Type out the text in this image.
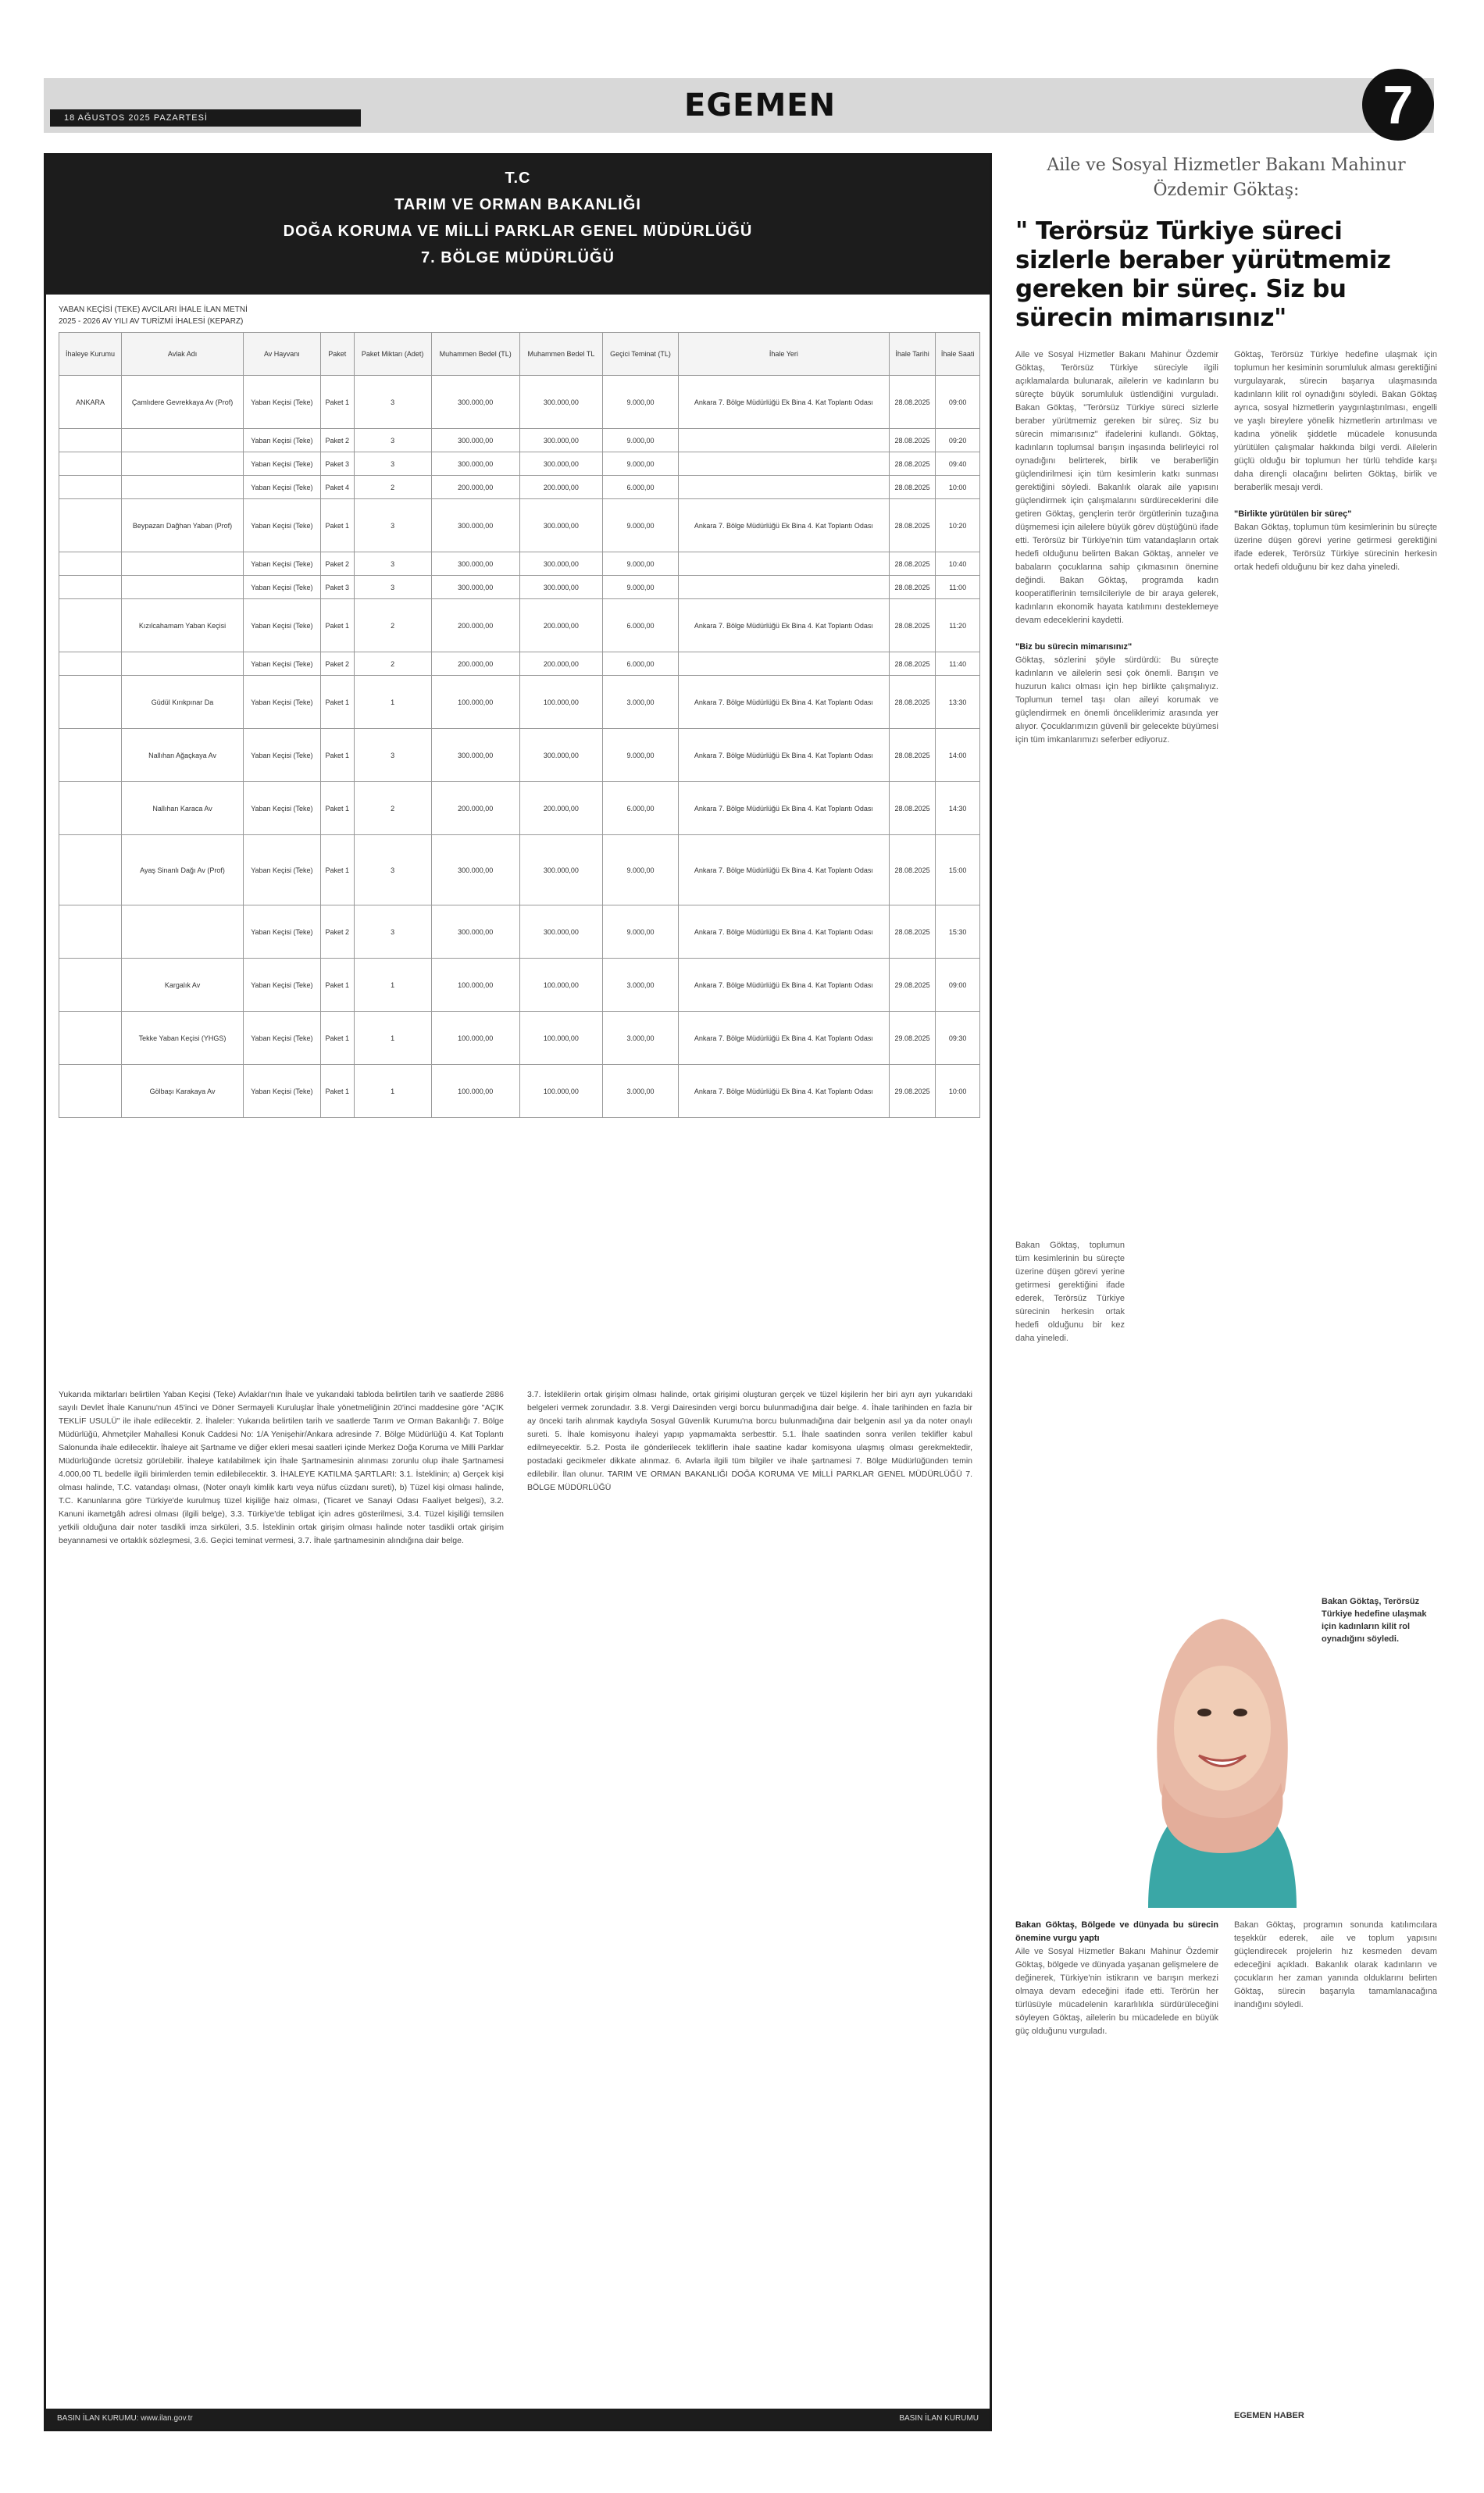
18 AĞUSTOS 2025 PAZARTESİ	EGEMEN	7
T.C
TARIM VE ORMAN BAKANLIĞI
DOĞA KORUMA VE MİLLİ PARKLAR GENEL MÜDÜRLÜĞÜ
7. BÖLGE MÜDÜRLÜĞÜ
YABAN KEÇİSİ (TEKE) AVCILARI İHALE İLAN METNİ
2025 - 2026 AV YILI AV TURİZMİ İHALESİ (KEPARZ)
İhaleye Kurumu	Avlak Adı	Av Hayvanı	Paket	Paket Miktarı (Adet)	Muhammen Bedel (TL)	Muhammen Bedel TL	Geçici Teminat (TL)	İhale Yeri	İhale Tarihi	İhale Saati
ANKARA	Çamlıdere Gevrekkaya Av (Prof)	Yaban Keçisi (Teke)	Paket 1	3	300.000,00	300.000,00	9.000,00	Ankara 7. Bölge Müdürlüğü Ek Bina 4. Kat Toplantı Odası	28.08.2025	09:00
		Yaban Keçisi (Teke)	Paket 2	3	300.000,00	300.000,00	9.000,00		28.08.2025	09:20
		Yaban Keçisi (Teke)	Paket 3	3	300.000,00	300.000,00	9.000,00		28.08.2025	09:40
		Yaban Keçisi (Teke)	Paket 4	2	200.000,00	200.000,00	6.000,00		28.08.2025	10:00
	Beypazarı Dağhan Yaban (Prof)	Yaban Keçisi (Teke)	Paket 1	3	300.000,00	300.000,00	9.000,00	Ankara 7. Bölge Müdürlüğü Ek Bina 4. Kat Toplantı Odası	28.08.2025	10:20
		Yaban Keçisi (Teke)	Paket 2	3	300.000,00	300.000,00	9.000,00		28.08.2025	10:40
		Yaban Keçisi (Teke)	Paket 3	3	300.000,00	300.000,00	9.000,00		28.08.2025	11:00
	Kızılcahamam Yaban Keçisi	Yaban Keçisi (Teke)	Paket 1	2	200.000,00	200.000,00	6.000,00	Ankara 7. Bölge Müdürlüğü Ek Bina 4. Kat Toplantı Odası	28.08.2025	11:20
		Yaban Keçisi (Teke)	Paket 2	2	200.000,00	200.000,00	6.000,00		28.08.2025	11:40
	Güdül Kırıkpınar Da	Yaban Keçisi (Teke)	Paket 1	1	100.000,00	100.000,00	3.000,00	Ankara 7. Bölge Müdürlüğü Ek Bina 4. Kat Toplantı Odası	28.08.2025	13:30
	Nallıhan Ağaçkaya Av	Yaban Keçisi (Teke)	Paket 1	3	300.000,00	300.000,00	9.000,00	Ankara 7. Bölge Müdürlüğü Ek Bina 4. Kat Toplantı Odası	28.08.2025	14:00
	Nallıhan Karaca Av	Yaban Keçisi (Teke)	Paket 1	2	200.000,00	200.000,00	6.000,00	Ankara 7. Bölge Müdürlüğü Ek Bina 4. Kat Toplantı Odası	28.08.2025	14:30
	Ayaş Sinanlı Dağı Av (Prof)	Yaban Keçisi (Teke)	Paket 1	3	300.000,00	300.000,00	9.000,00	Ankara 7. Bölge Müdürlüğü Ek Bina 4. Kat Toplantı Odası	28.08.2025	15:00
		Yaban Keçisi (Teke)	Paket 2	3	300.000,00	300.000,00	9.000,00	Ankara 7. Bölge Müdürlüğü Ek Bina 4. Kat Toplantı Odası	28.08.2025	15:30
	Kargalık Av	Yaban Keçisi (Teke)	Paket 1	1	100.000,00	100.000,00	3.000,00	Ankara 7. Bölge Müdürlüğü Ek Bina 4. Kat Toplantı Odası	29.08.2025	09:00
	Tekke Yaban Keçisi (YHGS)	Yaban Keçisi (Teke)	Paket 1	1	100.000,00	100.000,00	3.000,00	Ankara 7. Bölge Müdürlüğü Ek Bina 4. Kat Toplantı Odası	29.08.2025	09:30
	Gölbaşı Karakaya Av	Yaban Keçisi (Teke)	Paket 1	1	100.000,00	100.000,00	3.000,00	Ankara 7. Bölge Müdürlüğü Ek Bina 4. Kat Toplantı Odası	29.08.2025	10:00
Yukarıda miktarları belirtilen Yaban Keçisi (Teke) Avlakları'nın İhale ve yukarıdaki tabloda belirtilen tarih ve saatlerde 2886 sayılı Devlet İhale Kanunu'nun 45'inci ve Döner Sermayeli Kuruluşlar İhale yönetmeliğinin 20'inci maddesine göre "AÇIK TEKLİF USULÜ" ile ihale edilecektir. 2. İhaleler: Yukarıda belirtilen tarih ve saatlerde Tarım ve Orman Bakanlığı 7. Bölge Müdürlüğü, Ahmetçiler Mahallesi Konuk Caddesi No: 1/A Yenişehir/Ankara adresinde 7. Bölge Müdürlüğü 4. Kat Toplantı Salonunda ihale edilecektir. İhaleye ait Şartname ve diğer ekleri mesai saatleri içinde Merkez Doğa Koruma ve Milli Parklar Müdürlüğünde ücretsiz görülebilir. İhaleye katılabilmek için İhale Şartnamesinin alınması zorunlu olup ihale Şartnamesi 4.000,00 TL bedelle ilgili birimlerden temin edilebilecektir. 3. İHALEYE KATILMA ŞARTLARI: 3.1. İsteklinin; a) Gerçek kişi olması halinde, T.C. vatandaşı olması, (Noter onaylı kimlik kartı veya nüfus cüzdanı sureti), b) Tüzel kişi olması halinde, T.C. Kanunlarına göre Türkiye'de kurulmuş tüzel kişiliğe haiz olması, (Ticaret ve Sanayi Odası Faaliyet belgesi), 3.2. Kanuni ikametgâh adresi olması (ilgili belge), 3.3. Türkiye'de tebligat için adres gösterilmesi, 3.4. Tüzel kişiliği temsilen yetkili olduğuna dair noter tasdikli imza sirküleri, 3.5. İsteklinin ortak girişim olması halinde noter tasdikli ortak girişim beyannamesi ve ortaklık sözleşmesi, 3.6. Geçici teminat vermesi, 3.7. İhale şartnamesinin alındığına dair belge.
3.7. İsteklilerin ortak girişim olması halinde, ortak girişimi oluşturan gerçek ve tüzel kişilerin her biri ayrı ayrı yukarıdaki belgeleri vermek zorundadır. 3.8. Vergi Dairesinden vergi borcu bulunmadığına dair belge. 4. İhale tarihinden en fazla bir ay önceki tarih alınmak kaydıyla Sosyal Güvenlik Kurumu'na borcu bulunmadığına dair belgenin asıl ya da noter onaylı sureti. 5. İhale komisyonu ihaleyi yapıp yapmamakta serbesttir. 5.1. İhale saatinden sonra verilen teklifler kabul edilmeyecektir. 5.2. Posta ile gönderilecek tekliflerin ihale saatine kadar komisyona ulaşmış olması gerekmektedir, postadaki gecikmeler dikkate alınmaz. 6. Avlarla ilgili tüm bilgiler ve ihale şartnamesi 7. Bölge Müdürlüğünden temin edilebilir. İlan olunur. TARIM VE ORMAN BAKANLIĞI DOĞA KORUMA VE MİLLİ PARKLAR GENEL MÜDÜRLÜĞÜ 7. BÖLGE MÜDÜRLÜĞÜ
BASIN İLAN KURUMU: www.ilan.gov.tr	BASIN İLAN KURUMU
Aile ve Sosyal Hizmetler Bakanı Mahinur Özdemir Göktaş:
" Terörsüz Türkiye süreci sizlerle beraber yürütmemiz gereken bir süreç. Siz bu sürecin mimarısınız"
Aile ve Sosyal Hizmetler Bakanı Mahinur Özdemir Göktaş, Terörsüz Türkiye süreciyle ilgili açıklamalarda bulunarak, ailelerin ve kadınların bu süreçte büyük sorumluluk üstlendiğini vurguladı. Bakan Göktaş, "Terörsüz Türkiye süreci sizlerle beraber yürütmemiz gereken bir süreç. Siz bu sürecin mimarısınız" ifadelerini kullandı. Göktaş, kadınların toplumsal barışın inşasında belirleyici rol oynadığını belirterek, birlik ve beraberliğin güçlendirilmesi için tüm kesimlerin katkı sunması gerektiğini söyledi. Bakanlık olarak aile yapısını güçlendirmek için çalışmalarını sürdüreceklerini dile getiren Göktaş, gençlerin terör örgütlerinin tuzağına düşmemesi için ailelere büyük görev düştüğünü ifade etti. Terörsüz bir Türkiye'nin tüm vatandaşların ortak hedefi olduğunu belirten Bakan Göktaş, anneler ve babaların çocuklarına sahip çıkmasının önemine değindi. Bakan Göktaş, programda kadın kooperatiflerinin temsilcileriyle de bir araya gelerek, kadınların ekonomik hayata katılımını desteklemeye devam edeceklerini kaydetti.

"Biz bu sürecin mimarısınız"
Göktaş, sözlerini şöyle sürdürdü: Bu süreçte kadınların ve ailelerin sesi çok önemli. Barışın ve huzurun kalıcı olması için hep birlikte çalışmalıyız. Toplumun temel taşı olan aileyi korumak ve güçlendirmek en önemli önceliklerimiz arasında yer alıyor. Çocuklarımızın güvenli bir gelecekte büyümesi için tüm imkanlarımızı seferber ediyoruz.
Göktaş, Terörsüz Türkiye hedefine ulaşmak için toplumun her kesiminin sorumluluk alması gerektiğini vurgulayarak, sürecin başarıya ulaşmasında kadınların kilit rol oynadığını söyledi. Bakan Göktaş ayrıca, sosyal hizmetlerin yaygınlaştırılması, engelli ve yaşlı bireylere yönelik hizmetlerin artırılması ve kadına yönelik şiddetle mücadele konusunda yürütülen çalışmalar hakkında bilgi verdi. Ailelerin güçlü olduğu bir toplumun her türlü tehdide karşı daha dirençli olacağını belirten Göktaş, birlik ve beraberlik mesajı verdi.

"Birlikte yürütülen bir süreç"
Bakan Göktaş, toplumun tüm kesimlerinin bu süreçte üzerine düşen görevi yerine getirmesi gerektiğini ifade ederek, Terörsüz Türkiye sürecinin herkesin ortak hedefi olduğunu bir kez daha yineledi.
Bakan Göktaş, toplumun tüm kesimlerinin bu süreçte üzerine düşen görevi yerine getirmesi gerektiğini ifade ederek, Terörsüz Türkiye sürecinin herkesin ortak hedefi olduğunu bir kez daha yineledi.
Bakan Göktaş, Terörsüz Türkiye hedefine ulaşmak için kadınların kilit rol oynadığını söyledi.
Bakan Göktaş, Bölgede ve dünyada bu sürecin önemine vurgu yaptı
Aile ve Sosyal Hizmetler Bakanı Mahinur Özdemir Göktaş, bölgede ve dünyada yaşanan gelişmelere de değinerek, Türkiye'nin istikrarın ve barışın merkezi olmaya devam edeceğini ifade etti. Terörün her türlüsüyle mücadelenin kararlılıkla sürdürüleceğini söyleyen Göktaş, ailelerin bu mücadelede en büyük güç olduğunu vurguladı.
Bakan Göktaş, programın sonunda katılımcılara teşekkür ederek, aile ve toplum yapısını güçlendirecek projelerin hız kesmeden devam edeceğini açıkladı. Bakanlık olarak kadınların ve çocukların her zaman yanında olduklarını belirten Göktaş, sürecin başarıyla tamamlanacağına inandığını söyledi.
EGEMEN HABER
